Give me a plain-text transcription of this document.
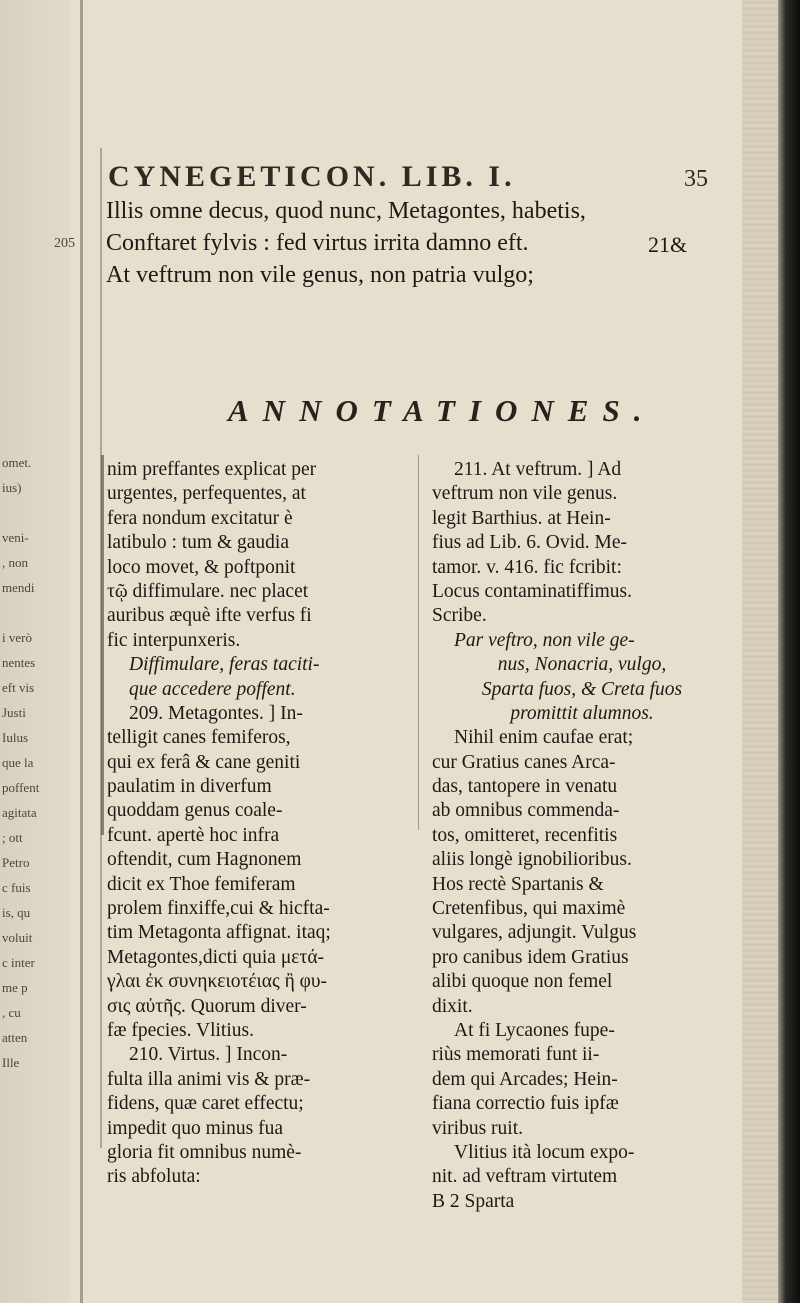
omet.
ius)
veni-
, non
mendi
i verò
nentes
eft vis
Justi
Iulus
que la
poffent
agitata
; ott
Petro
c fuis
is, qu
voluit
c inter
me p
, cu
atten
Ille
CYNEGETICON. LIB. I.	35
Illis omne decus, quod nunc, Metagontes, habetis,
205 Conftaret fylvis : fed virtus irrita damno eft.	21&
At veftrum non vile genus, non patria vulgo;
ANNOTATIONES.
nim preffantes explicat per
urgentes, perfequentes, at
fera nondum excitatur è
latibulo : tum & gaudia
loco movet, & poftponit
τῷ diffimulare. nec placet
auribus æquè ifte verfus fi
fic interpunxeris.
Diffimulare, feras taciti-
que accedere poffent.
209. Metagontes. ] In-
telligit canes femiferos,
qui ex ferâ & cane geniti
paulatim in diverfum
quoddam genus coale-
fcunt. apertè hoc infra
oftendit, cum Hagnonem
dicit ex Thoe femiferam
prolem finxiffe,cui & hicfta-
tim Metagonta affignat. itaq;
Metagontes,dicti quia μετά-
γλαι ἐκ συνηκειοτέιας ἢ φυ-
σις αὐτῆς. Quorum diver-
fæ fpecies. Vlitius.
210. Virtus. ] Incon-
fulta illa animi vis & præ-
fidens, quæ caret effectu;
impedit quo minus fua
gloria fit omnibus numè-
ris abfoluta:
211. At veftrum. ] Ad
veftrum non vile genus.
legit Barthius. at Hein-
fius ad Lib. 6. Ovid. Me-
tamor. v. 416. fic fcribit:
Locus contaminatiffimus.
Scribe.
Par veftro, non vile ge-
nus, Nonacria, vulgo,
Sparta fuos, & Creta fuos
promittit alumnos.
Nihil enim caufae erat;
cur Gratius canes Arca-
das, tantopere in venatu
ab omnibus commenda-
tos, omitteret, recenfitis
aliis longè ignobilioribus.
Hos rectè Spartanis &
Cretenfibus, qui maximè
vulgares, adjungit. Vulgus
pro canibus idem Gratius
alibi quoque non femel
dixit.
At fi Lycaones fupe-
riùs memorati funt ii-
dem qui Arcades; Hein-
fiana correctio fuis ipfæ
viribus ruit.
Vlitius ità locum expo-
nit. ad veftram virtutem
B 2 Sparta
